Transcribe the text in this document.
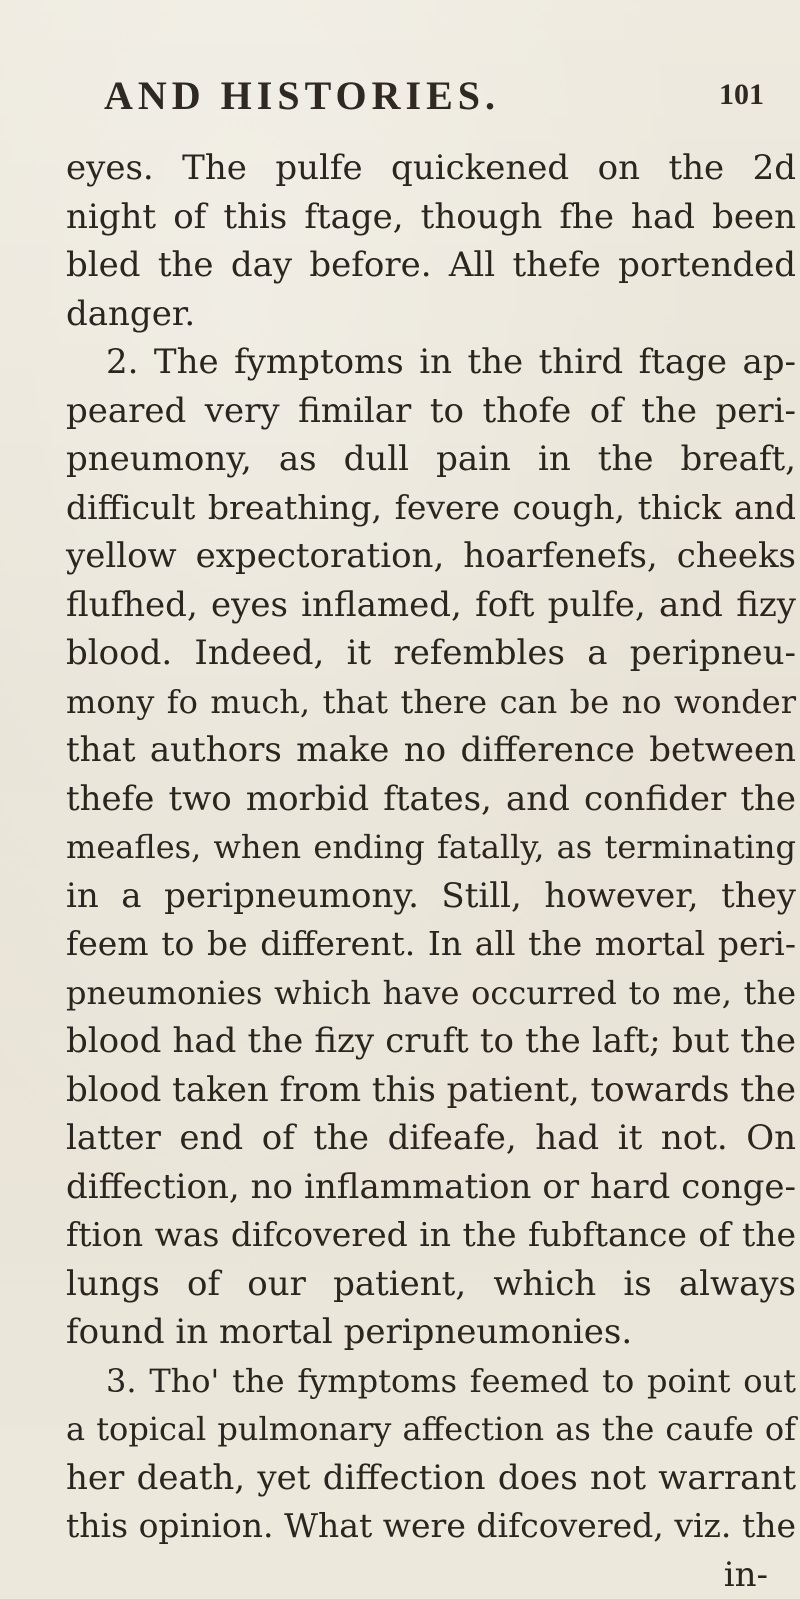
AND HISTORIES.	101
eyes. The pulfe quickened on the 2d
night of this ftage, though fhe had been
bled the day before. All thefe portended
danger.
2. The fymptoms in the third ftage ap-
peared very fimilar to thofe of the peri-
pneumony, as dull pain in the breaft,
difficult breathing, fevere cough, thick and
yellow expectoration, hoarfenefs, cheeks
flufhed, eyes inflamed, foft pulfe, and fizy
blood. Indeed, it refembles a peripneu-
mony fo much, that there can be no wonder
that authors make no difference between
thefe two morbid ftates, and confider the
meafles, when ending fatally, as terminating
in a peripneumony. Still, however, they
feem to be different. In all the mortal peri-
pneumonies which have occurred to me, the
blood had the fizy cruft to the laft; but the
blood taken from this patient, towards the
latter end of the difeafe, had it not. On
diffection, no inflammation or hard conge-
ftion was difcovered in the fubftance of the
lungs of our patient, which is always
found in mortal peripneumonies.
3. Tho' the fymptoms feemed to point out
a topical pulmonary affection as the caufe of
her death, yet diffection does not warrant
this opinion. What were difcovered, viz. the
in-
